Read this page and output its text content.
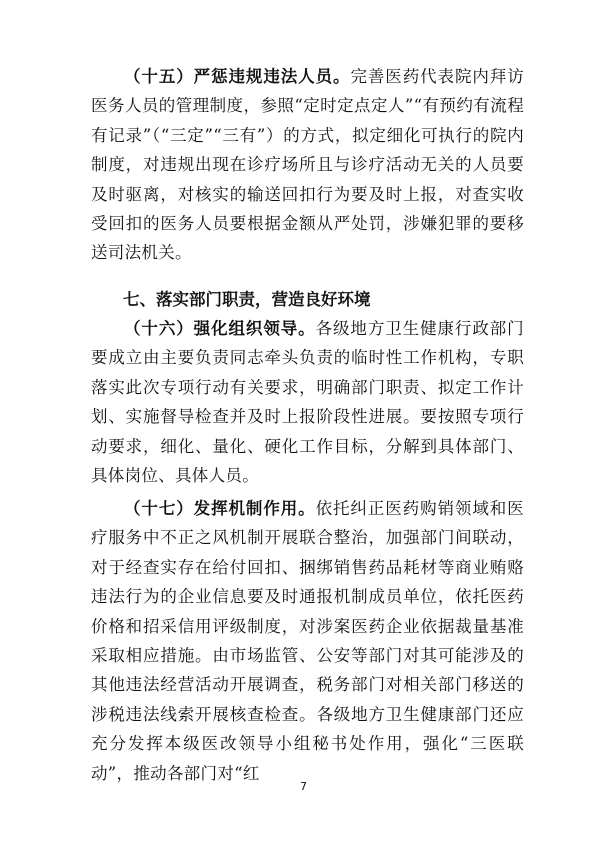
（十五）严惩违规违法人员。完善医药代表院内拜访医务人员的管理制度，参照“定时定点定人”“有预约有流程有记录”（“三定”“三有”）的方式，拟定细化可执行的院内制度，对违规出现在诊疗场所且与诊疗活动无关的人员要及时驱离，对核实的输送回扣行为要及时上报，对查实收受回扣的医务人员要根据金额从严处罚，涉嫌犯罪的要移送司法机关。

七、落实部门职责，营造良好环境

（十六）强化组织领导。各级地方卫生健康行政部门要成立由主要负责同志牵头负责的临时性工作机构，专职落实此次专项行动有关要求，明确部门职责、拟定工作计划、实施督导检查并及时上报阶段性进展。要按照专项行动要求，细化、量化、硬化工作目标，分解到具体部门、具体岗位、具体人员。

（十七）发挥机制作用。依托纠正医药购销领域和医疗服务中不正之风机制开展联合整治，加强部门间联动，对于经查实存在给付回扣、捆绑销售药品耗材等商业贿赂违法行为的企业信息要及时通报机制成员单位，依托医药价格和招采信用评级制度，对涉案医药企业依据裁量基准采取相应措施。由市场监管、公安等部门对其可能涉及的其他违法经营活动开展调查，税务部门对相关部门移送的涉税违法线索开展核查检查。各级地方卫生健康部门还应充分发挥本级医改领导小组秘书处作用，强化“三医联动”，推动各部门对“红

7
